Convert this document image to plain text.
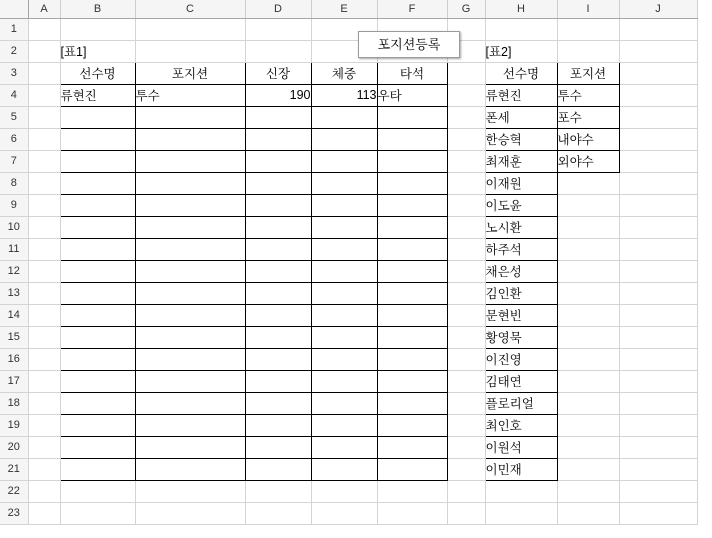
	A	B	C	D	E	F	G	H	I	J
1										
2		[표1]						[표2]		
3		선수명	포지션	신장	체중	타석		선수명	포지션	
4		류현진	투수	190	113	우타		류현진	투수	
5								폰세	포수	
6								한승혁	내야수	
7								최재훈	외야수	
8								이재원		
9								이도윤		
10								노시환		
11								하주석		
12								채은성		
13								김인환		
14								문현빈		
15								황영묵		
16								이진영		
17								김태연		
18								플로리얼		
19								최인호		
20								이원석		
21								이민재		
22										
23										
포지션등록
